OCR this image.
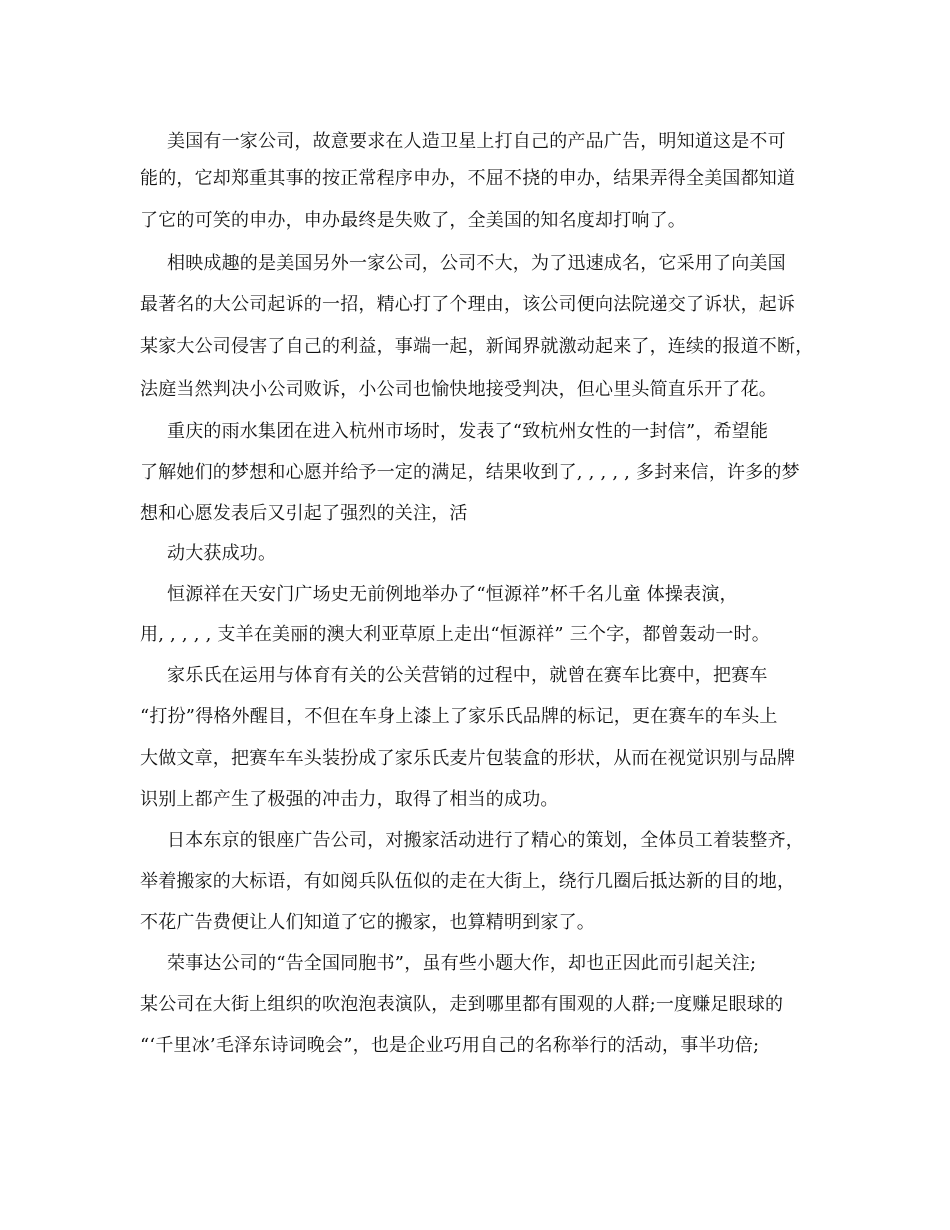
美国有一家公司，故意要求在人造卫星上打自己的产品广告，明知道这是不可
能的，它却郑重其事的按正常程序申办，不屈不挠的申办，结果弄得全美国都知道
了它的可笑的申办，申办最终是失败了，全美国的知名度却打响了。
相映成趣的是美国另外一家公司，公司不大，为了迅速成名，它采用了向美国
最著名的大公司起诉的一招，精心打了个理由，该公司便向法院递交了诉状，起诉
某家大公司侵害了自己的利益，事端一起，新闻界就激动起来了，连续的报道不断，
法庭当然判决小公司败诉，小公司也愉快地接受判决，但心里头简直乐开了花。
重庆的雨水集团在进入杭州市场时，发表了“致杭州女性的一封信”，希望能
了解她们的梦想和心愿并给予一定的满足，结果收到了, , , , , 多封来信，许多的梦
想和心愿发表后又引起了强烈的关注，活
动大获成功。
恒源祥在天安门广场史无前例地举办了“恒源祥”杯千名儿童 体操表演，
用, , , , , 支羊在美丽的澳大利亚草原上走出“恒源祥” 三个字，都曾轰动一时。
家乐氏在运用与体育有关的公关营销的过程中，就曾在赛车比赛中，把赛车
“打扮”得格外醒目，不但在车身上漆上了家乐氏品牌的标记，更在赛车的车头上
大做文章，把赛车车头装扮成了家乐氏麦片包装盒的形状，从而在视觉识别与品牌
识别上都产生了极强的冲击力，取得了相当的成功。
日本东京的银座广告公司，对搬家活动进行了精心的策划，全体员工着装整齐，
举着搬家的大标语，有如阅兵队伍似的走在大街上，绕行几圈后抵达新的目的地，
不花广告费便让人们知道了它的搬家，也算精明到家了。
荣事达公司的“告全国同胞书”，虽有些小题大作，却也正因此而引起关注;
某公司在大街上组织的吹泡泡表演队，走到哪里都有围观的人群;一度赚足眼球的
“‘千里冰’毛泽东诗词晚会”，也是企业巧用自己的名称举行的活动，事半功倍;
